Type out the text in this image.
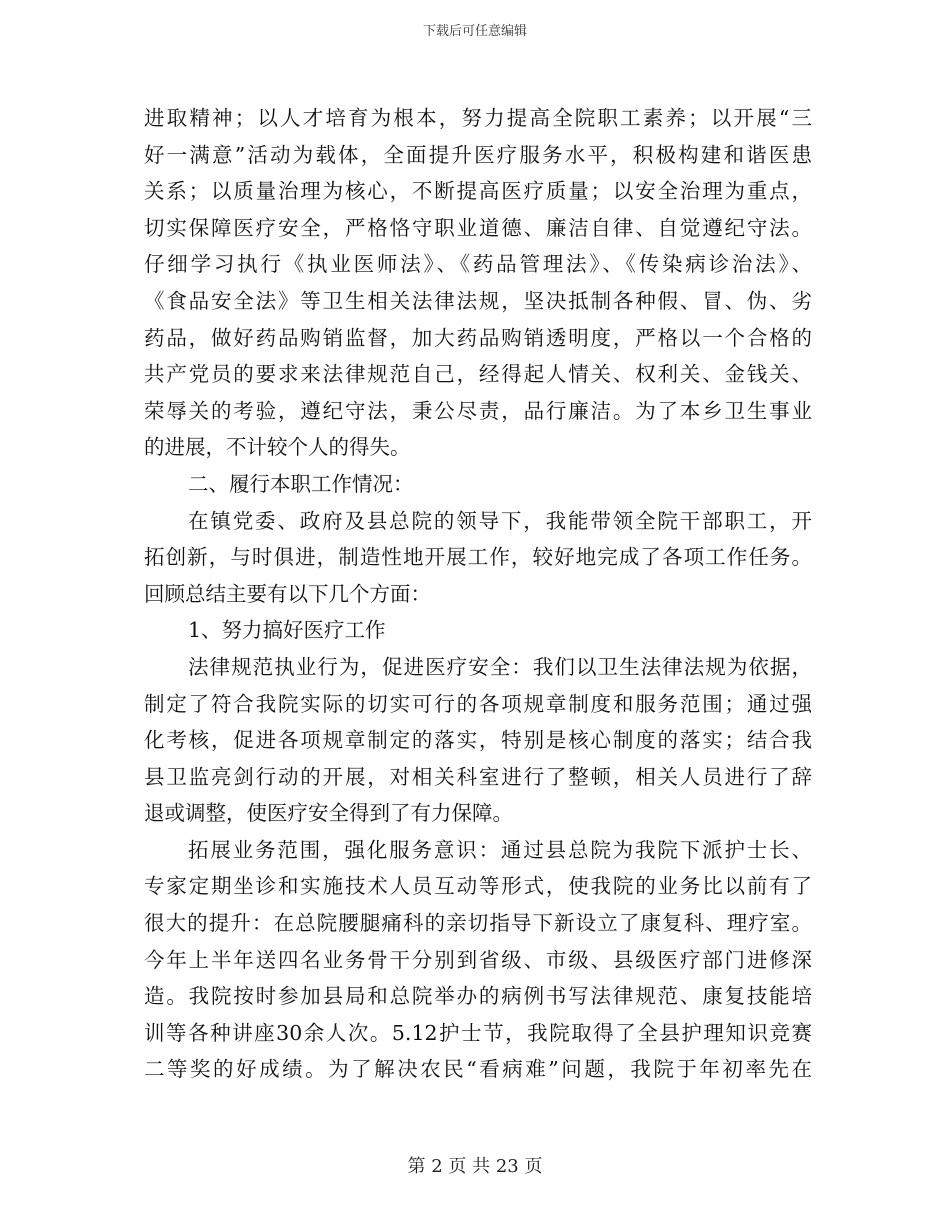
下载后可任意编辑
进取精神；以人才培育为根本，努力提高全院职工素养；以开展“三
好一满意”活动为载体，全面提升医疗服务水平，积极构建和谐医患
关系；以质量治理为核心，不断提高医疗质量；以安全治理为重点，
切实保障医疗安全，严格恪守职业道德、廉洁自律、自觉遵纪守法。
仔细学习执行《执业医师法》、《药品管理法》、《传染病诊治法》、
《食品安全法》等卫生相关法律法规，坚决抵制各种假、冒、伪、劣
药品，做好药品购销监督，加大药品购销透明度，严格以一个合格的
共产党员的要求来法律规范自己，经得起人情关、权利关、金钱关、
荣辱关的考验，遵纪守法，秉公尽责，品行廉洁。为了本乡卫生事业
的进展，不计较个人的得失。
二、履行本职工作情况：
在镇党委、政府及县总院的领导下，我能带领全院干部职工，开
拓创新，与时俱进，制造性地开展工作，较好地完成了各项工作任务。
回顾总结主要有以下几个方面：
1、努力搞好医疗工作
法律规范执业行为，促进医疗安全：我们以卫生法律法规为依据，
制定了符合我院实际的切实可行的各项规章制度和服务范围；通过强
化考核，促进各项规章制定的落实，特别是核心制度的落实；结合我
县卫监亮剑行动的开展，对相关科室进行了整顿，相关人员进行了辞
退或调整，使医疗安全得到了有力保障。
拓展业务范围，强化服务意识：通过县总院为我院下派护士长、
专家定期坐诊和实施技术人员互动等形式，使我院的业务比以前有了
很大的提升：在总院腰腿痛科的亲切指导下新设立了康复科、理疗室。
今年上半年送四名业务骨干分别到省级、市级、县级医疗部门进修深
造。我院按时参加县局和总院举办的病例书写法律规范、康复技能培
训等各种讲座30余人次。5.12护士节，我院取得了全县护理知识竞赛
二等奖的好成绩。为了解决农民“看病难”问题，我院于年初率先在
第 2 页 共 23 页
